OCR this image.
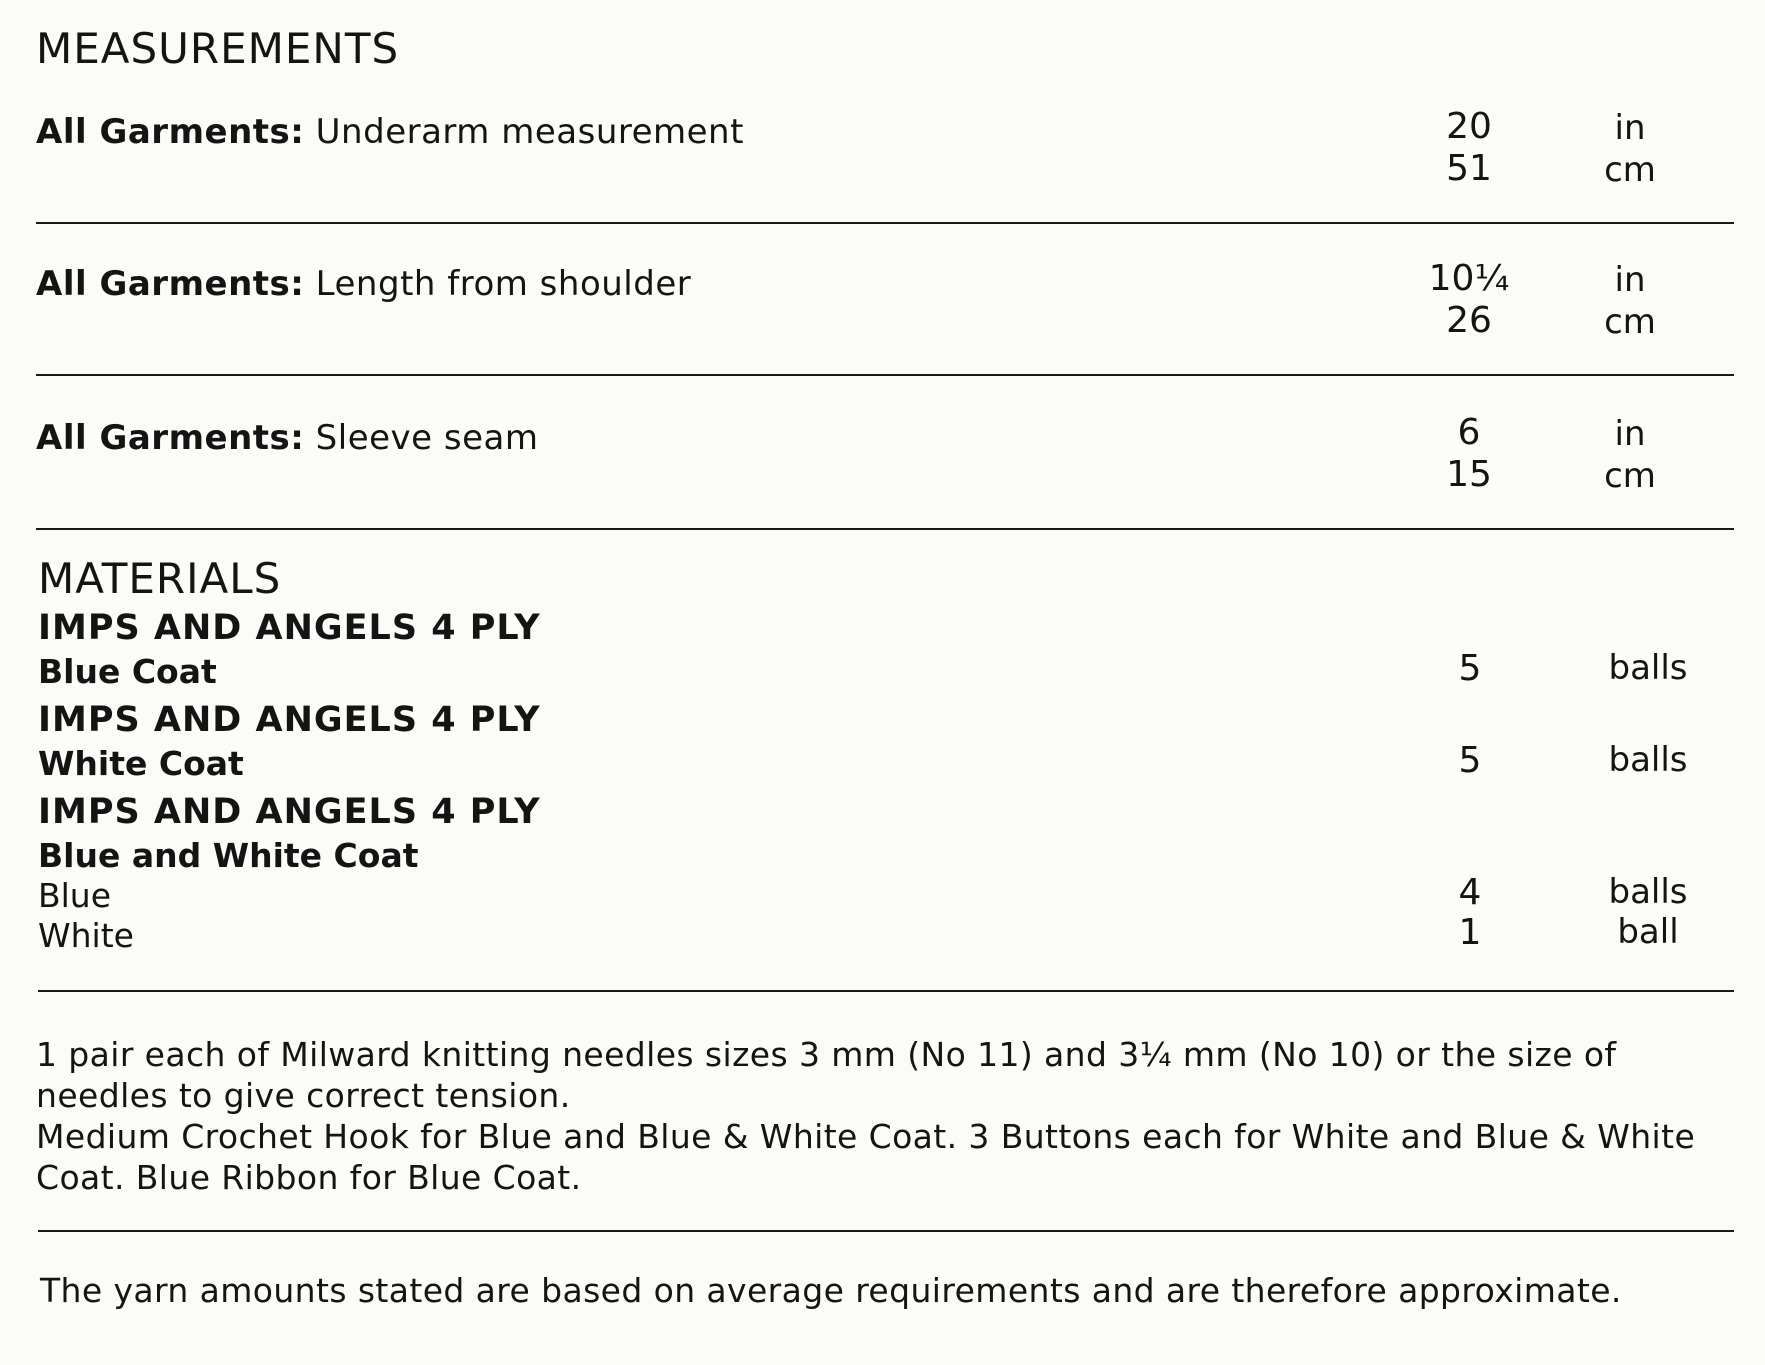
MEASUREMENTS
All Garments: Underarm measurement	20	in
51	cm
All Garments: Length from shoulder	10¼	in
26	cm
All Garments: Sleeve seam	6	in
15	cm
MATERIALS
IMPS AND ANGELS 4 PLY
Blue Coat	5	balls
IMPS AND ANGELS 4 PLY
White Coat	5	balls
IMPS AND ANGELS 4 PLY
Blue and White Coat
Blue	4	balls
White	1	ball
1 pair each of Milward knitting needles sizes 3 mm (No 11) and 3¼ mm (No 10) or the size of needles to give correct tension.
Medium Crochet Hook for Blue and Blue & White Coat. 3 Buttons each for White and Blue & White Coat. Blue Ribbon for Blue Coat.
The yarn amounts stated are based on average requirements and are therefore approximate.
